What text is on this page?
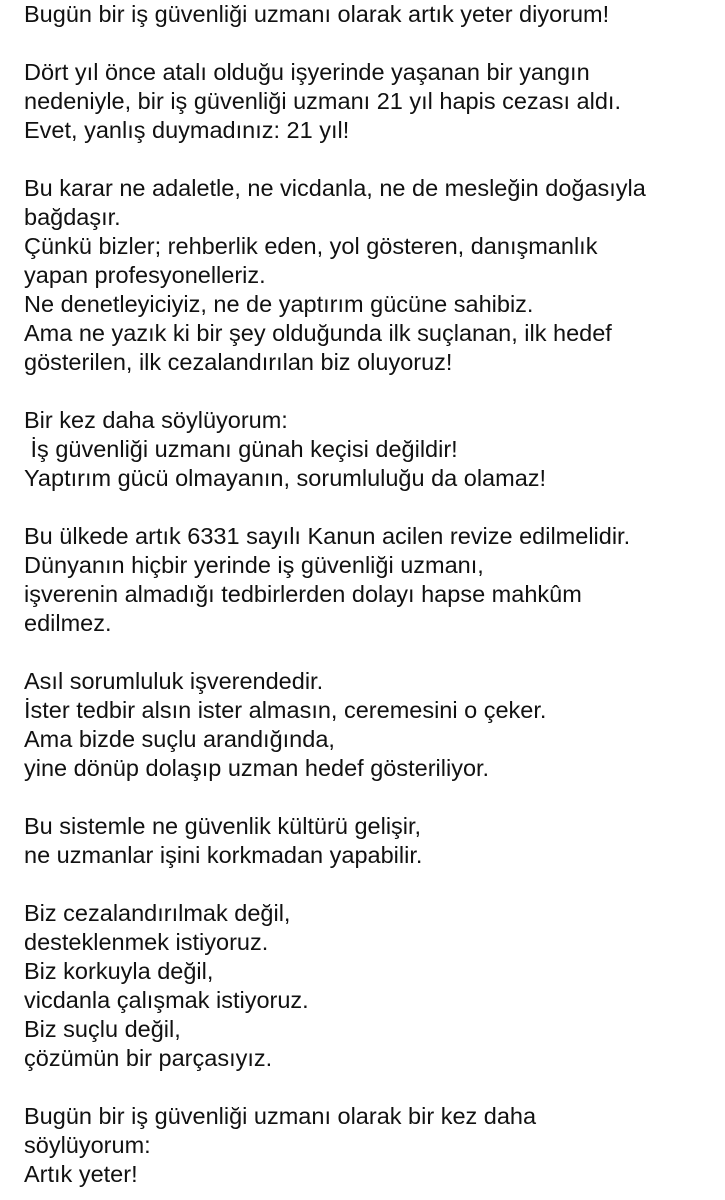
Bugün bir iş güvenliği uzmanı olarak artık yeter diyorum!
Dört yıl önce atalı olduğu işyerinde yaşanan bir yangın
nedeniyle, bir iş güvenliği uzmanı 21 yıl hapis cezası aldı.
Evet, yanlış duymadınız: 21 yıl!
Bu karar ne adaletle, ne vicdanla, ne de mesleğin doğasıyla
bağdaşır.
Çünkü bizler; rehberlik eden, yol gösteren, danışmanlık
yapan profesyonelleriz.
Ne denetleyiciyiz, ne de yaptırım gücüne sahibiz.
Ama ne yazık ki bir şey olduğunda ilk suçlanan, ilk hedef
gösterilen, ilk cezalandırılan biz oluyoruz!
Bir kez daha söylüyorum:
İş güvenliği uzmanı günah keçisi değildir!
Yaptırım gücü olmayanın, sorumluluğu da olamaz!
Bu ülkede artık 6331 sayılı Kanun acilen revize edilmelidir.
Dünyanın hiçbir yerinde iş güvenliği uzmanı,
işverenin almadığı tedbirlerden dolayı hapse mahkûm
edilmez.
Asıl sorumluluk işverendedir.
İster tedbir alsın ister almasın, ceremesini o çeker.
Ama bizde suçlu arandığında,
yine dönüp dolaşıp uzman hedef gösteriliyor.
Bu sistemle ne güvenlik kültürü gelişir,
ne uzmanlar işini korkmadan yapabilir.
Biz cezalandırılmak değil,
desteklenmek istiyoruz.
Biz korkuyla değil,
vicdanla çalışmak istiyoruz.
Biz suçlu değil,
çözümün bir parçasıyız.
Bugün bir iş güvenliği uzmanı olarak bir kez daha
söylüyorum:
Artık yeter!
